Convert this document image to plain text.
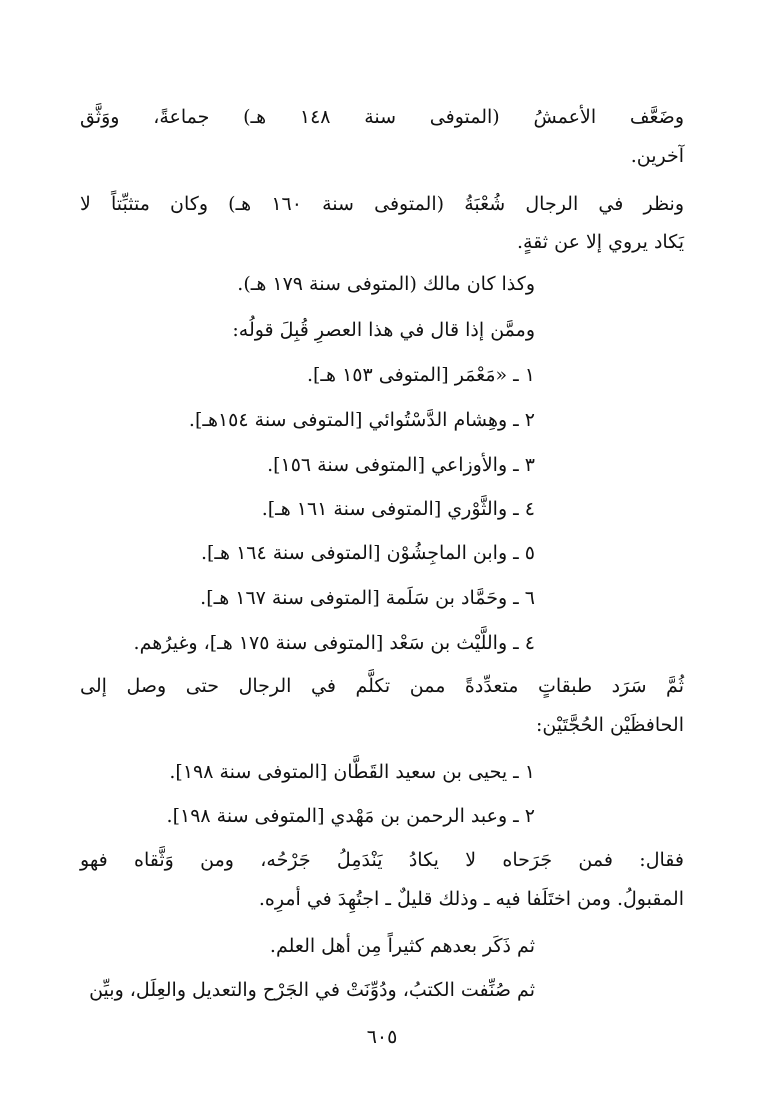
وضَعَّف الأعمشُ (المتوفى سنة ١٤٨ هـ) جماعةً، ووَثَّق
آخرين.
ونظر في الرجال شُعْبَةُ (المتوفى سنة ١٦٠ هـ) وكان متثبِّتاً لا
يَكاد يروي إلا عن ثقةٍ.
وكذا كان مالك (المتوفى سنة ١٧٩ هـ).
وممَّن إذا قال في هذا العصرِ قُبِلَ قولُه:
١ ـ «مَعْمَر [المتوفى ١٥٣ هـ].
٢ ـ وهِشام الدَّسْتُوائي [المتوفى سنة ١٥٤هـ].
٣ ـ والأوزاعي [المتوفى سنة ١٥٦].
٤ ـ والثَّوْري [المتوفى سنة ١٦١ هـ].
٥ ـ وابن الماجِشُوْن [المتوفى سنة ١٦٤ هـ].
٦ ـ وحَمَّاد بن سَلَمة [المتوفى سنة ١٦٧ هـ].
٤ ـ واللَّيْث بن سَعْد [المتوفى سنة ١٧٥ هـ]، وغيرُهم.
ثُمَّ سَرَد طبقاتٍ متعدِّدةً ممن تكلَّم في الرجال حتى وصل إلى
الحافظَيْن الحُجَّتَيْن:
١ ـ يحيى بن سعيد القَطَّان [المتوفى سنة ١٩٨].
٢ ـ وعبد الرحمن بن مَهْدي [المتوفى سنة ١٩٨].
فقال: فمن جَرَحاه لا يكادُ يَنْدَمِلُ جَرْحُه، ومن وَثَّقاه فهو
المقبولُ. ومن اختَلَفا فيه ـ وذلك قليلٌ ـ اجتُهِدَ في أمرِه.
ثم ذَكَر بعدهم كثيراً مِن أهل العلم.
ثم صُنِّفت الكتبُ، ودُوِّنَتْ في الجَرْح والتعديل والعِلَل، وبيِّن
٦٠٥
